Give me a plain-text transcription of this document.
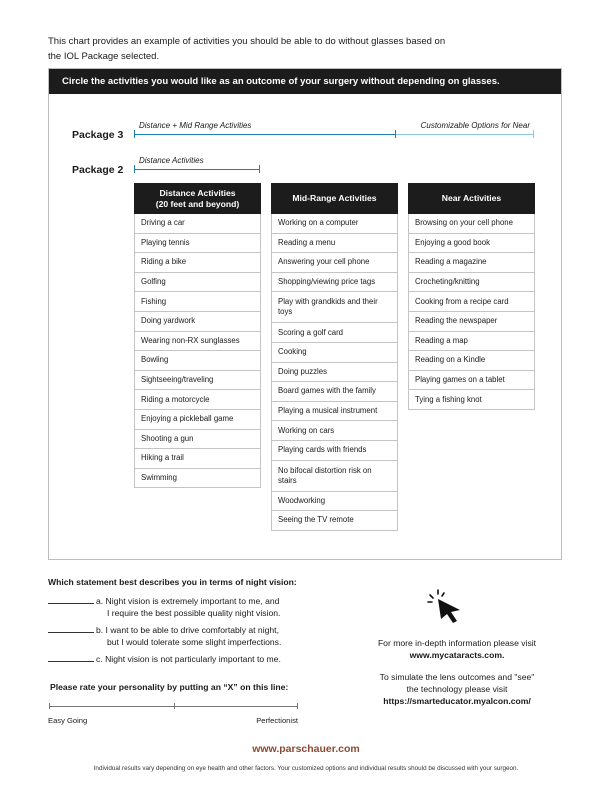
This chart provides an example of activities you should be able to do without glasses based on
the IOL Package selected.
Circle the activities you would like as an outcome of your surgery without depending on glasses.
Package 3
Distance + Mid Range Activities	Customizable Options for Near
Package 2
Distance Activities
Distance Activities
(20 feet and beyond)
Driving a car
Playing tennis
Riding a bike
Golfing
Fishing
Doing yardwork
Wearing non-RX sunglasses
Bowling
Sightseeing/traveling
Riding a motorcycle
Enjoying a pickleball game
Shooting a gun
Hiking a trail
Swimming
Mid-Range Activities
Working on a computer
Reading a menu
Answering your cell phone
Shopping/viewing price tags
Play with grandkids and their toys
Scoring a golf card
Cooking
Doing puzzles
Board games with the family
Playing a musical instrument
Working on cars
Playing cards with friends
No bifocal distortion risk on stairs
Woodworking
Seeing the TV remote
Near Activities
Browsing on your cell phone
Enjoying a good book
Reading a magazine
Crocheting/knitting
Cooking from a recipe card
Reading the newspaper
Reading a map
Reading on a Kindle
Playing games on a tablet
Tying a fishing knot
Which statement best describes you in terms of night vision:
a. Night vision is extremely important to me, and
I require the best possible quality night vision.
b. I want to be able to drive comfortably at night,
but I would tolerate some slight imperfections.
c. Night vision is not particularly important to me.
Please rate your personality by putting an “X” on this line:
Easy Going	Perfectionist
For more in-depth information please visit
www.mycataracts.com.
To simulate the lens outcomes and "see"
the technology please visit
https://smarteducator.myalcon.com/
www.parschauer.com
Individual results vary depending on eye health and other factors. Your customized options and individual results should be discussed with your surgeon.
